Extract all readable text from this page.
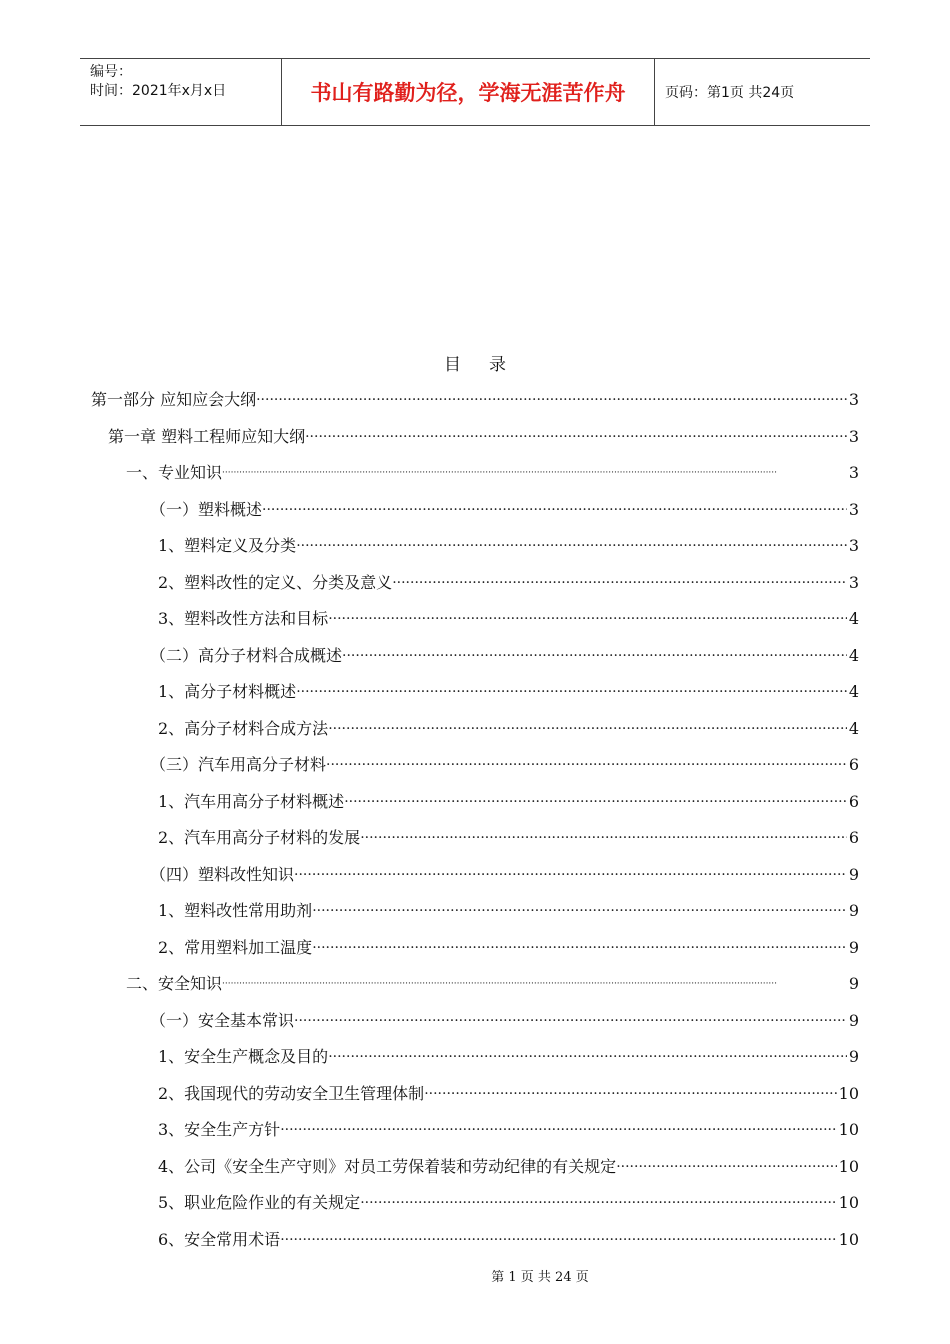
编号：
时间：2021年x月x日	书山有路勤为径，学海无涯苦作舟	页码：第1页 共24页
目录
第一部分 应知应会大纲 ·····	3
第一章 塑料工程师应知大纲 ·····	3
一、专业知识 ·····	3
（一）塑料概述 ·····	3
1、塑料定义及分类 ·····	3
2、塑料改性的定义、分类及意义 ·····	3
3、塑料改性方法和目标 ·····	4
（二）高分子材料合成概述 ·····	4
1、高分子材料概述 ·····	4
2、高分子材料合成方法 ·····	4
（三）汽车用高分子材料 ·····	6
1、汽车用高分子材料概述 ·····	6
2、汽车用高分子材料的发展 ·····	6
（四）塑料改性知识 ·····	9
1、塑料改性常用助剂 ·····	9
2、常用塑料加工温度 ·····	9
二、安全知识 ·····	9
（一）安全基本常识 ·····	9
1、安全生产概念及目的 ·····	9
2、我国现代的劳动安全卫生管理体制 ·····	10
3、安全生产方针 ·····	10
4、公司《安全生产守则》对员工劳保着装和劳动纪律的有关规定 ·····	10
5、职业危险作业的有关规定 ·····	10
6、安全常用术语 ·····	10
第 1 页 共 24 页
